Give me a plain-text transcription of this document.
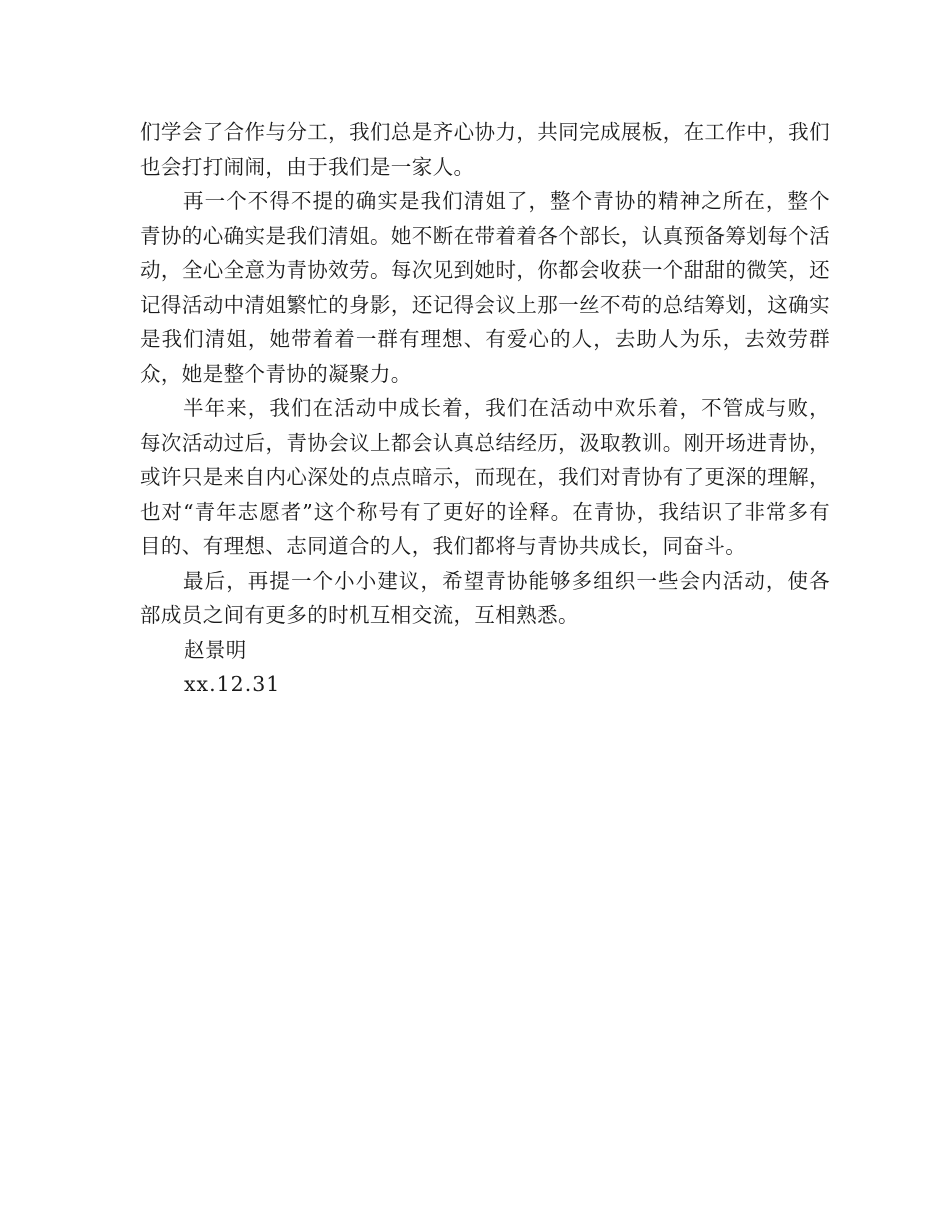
们学会了合作与分工，我们总是齐心协力，共同完成展板，在工作中，我们也会打打闹闹，由于我们是一家人。

再一个不得不提的确实是我们清姐了，整个青协的精神之所在，整个青协的心确实是我们清姐。她不断在带着着各个部长，认真预备筹划每个活动，全心全意为青协效劳。每次见到她时，你都会收获一个甜甜的微笑，还记得活动中清姐繁忙的身影，还记得会议上那一丝不苟的总结筹划，这确实是我们清姐，她带着着一群有理想、有爱心的人，去助人为乐，去效劳群众，她是整个青协的凝聚力。

半年来，我们在活动中成长着，我们在活动中欢乐着，不管成与败，每次活动过后，青协会议上都会认真总结经历，汲取教训。刚开场进青协，或许只是来自内心深处的点点暗示，而现在，我们对青协有了更深的理解，也对“青年志愿者”这个称号有了更好的诠释。在青协，我结识了非常多有目的、有理想、志同道合的人，我们都将与青协共成长，同奋斗。

最后，再提一个小小建议，希望青协能够多组织一些会内活动，使各部成员之间有更多的时机互相交流，互相熟悉。

赵景明

xx.12.31
